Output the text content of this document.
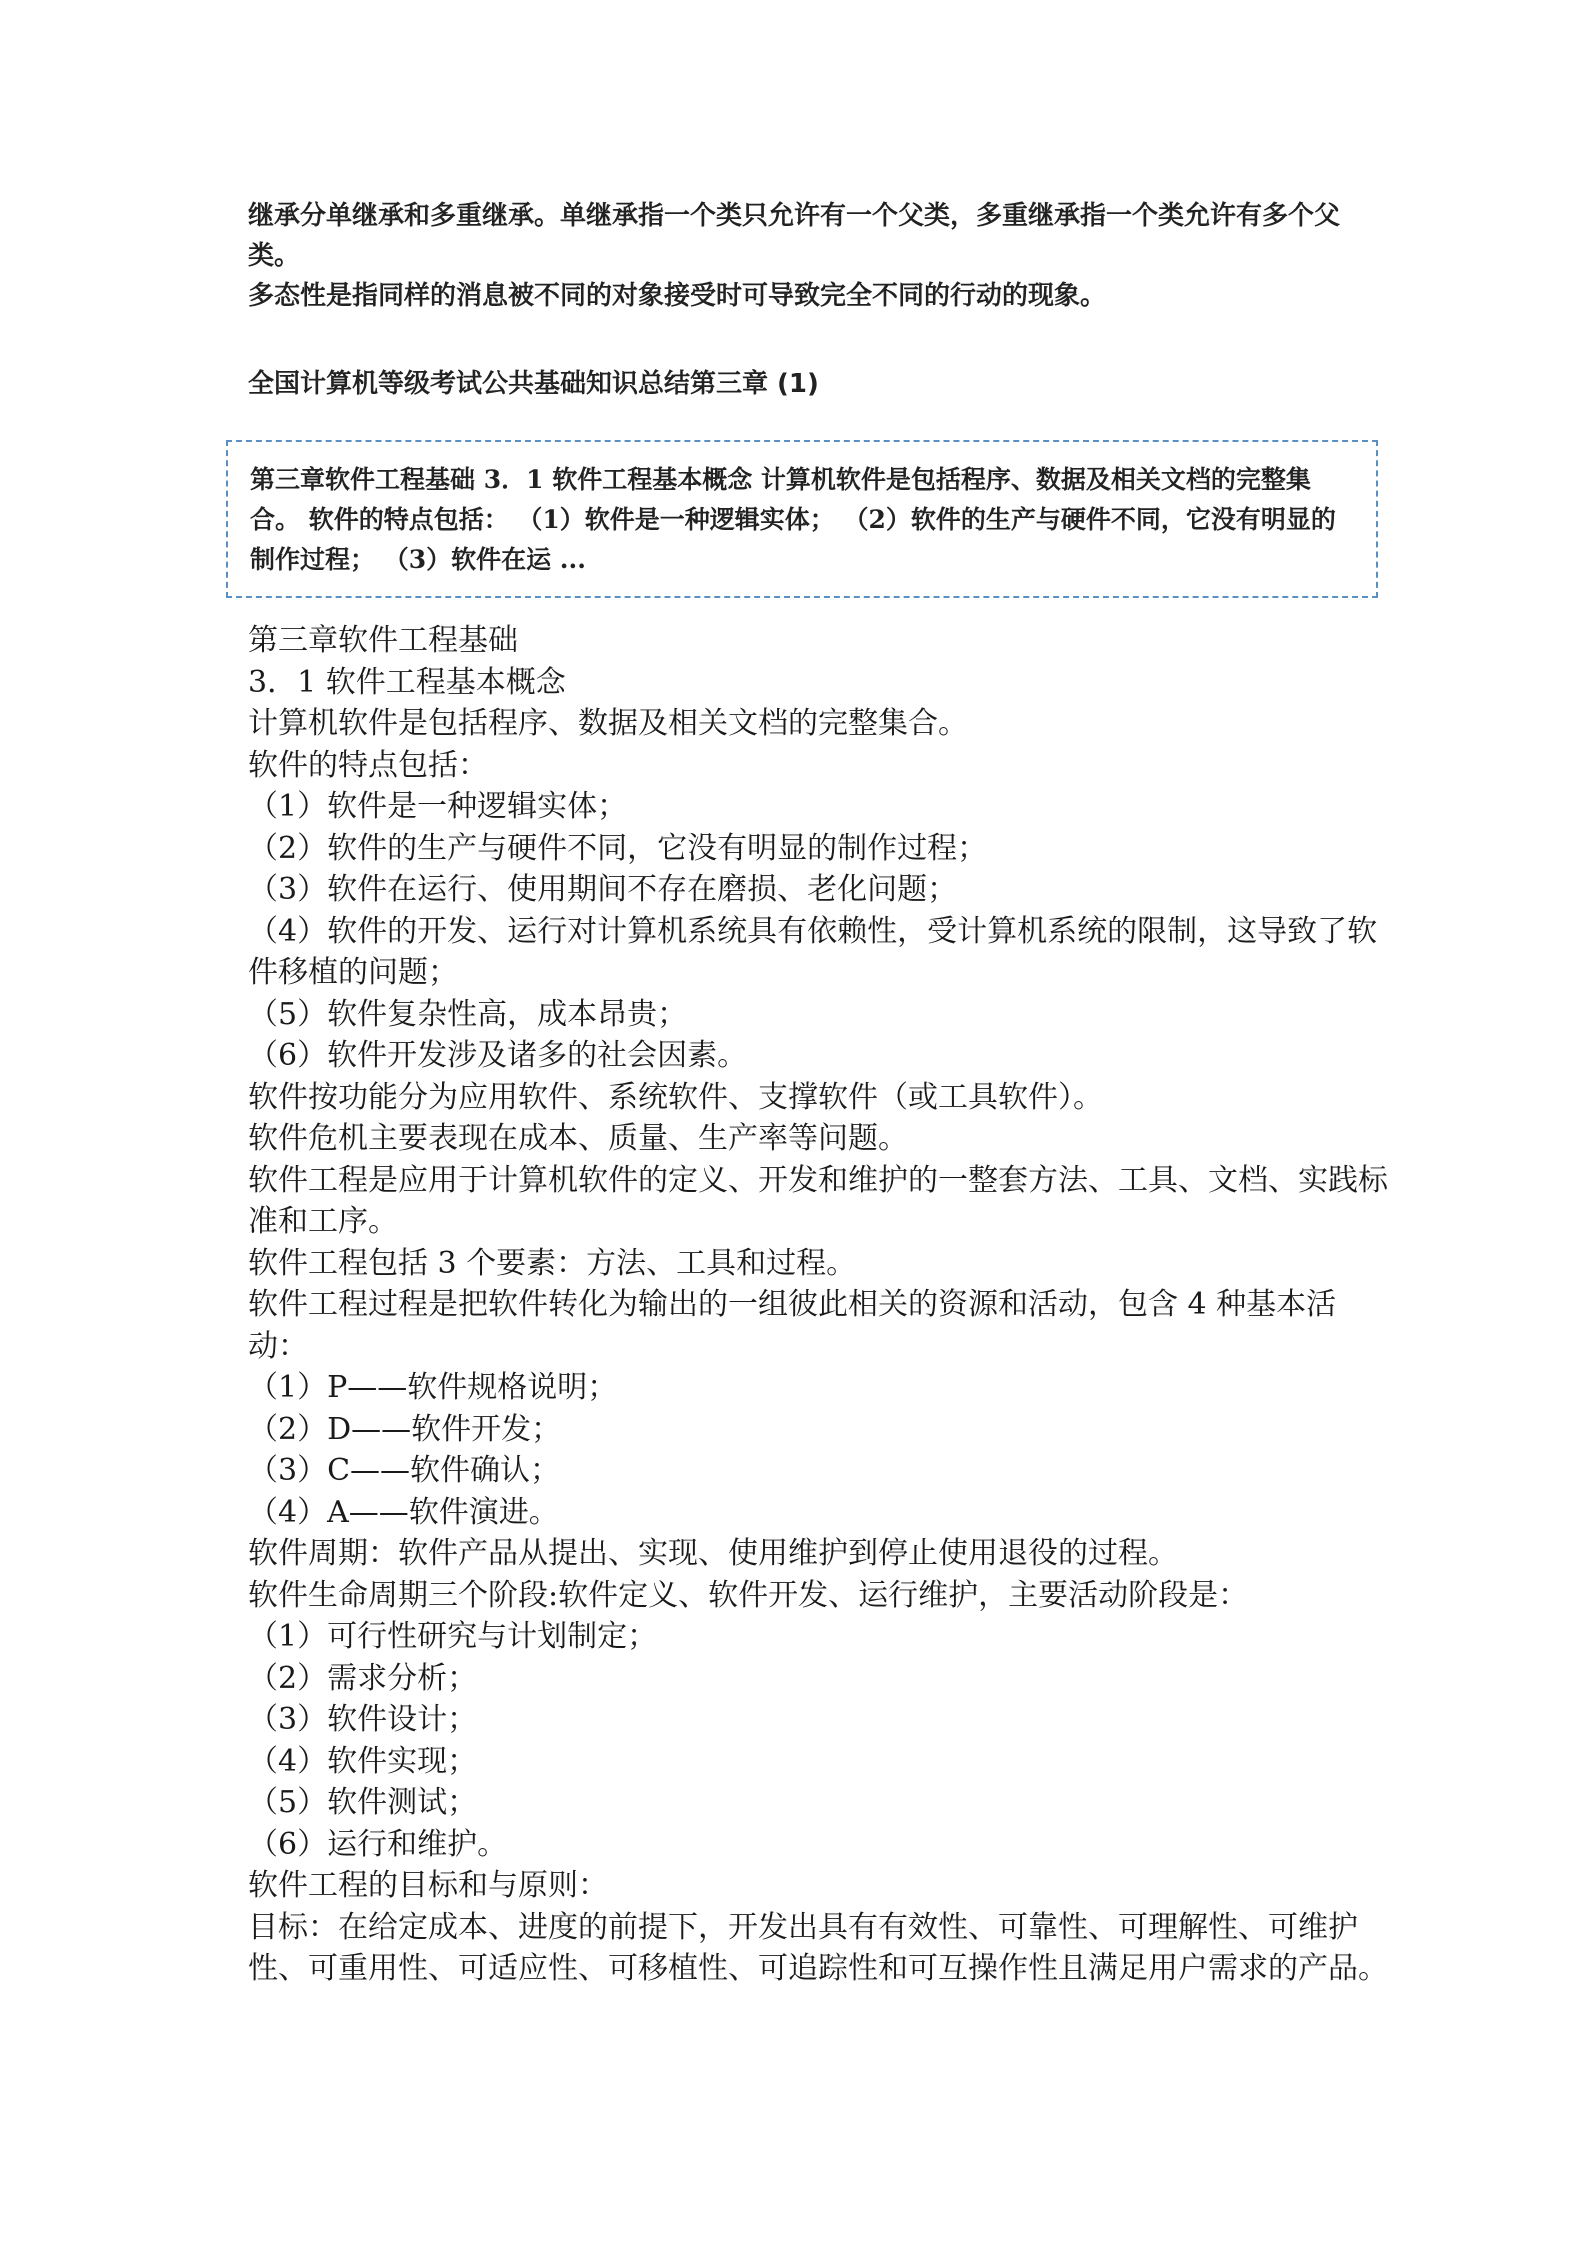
继承分单继承和多重继承。单继承指一个类只允许有一个父类，多重继承指一个类允许有多个父类。

多态性是指同样的消息被不同的对象接受时可导致完全不同的行动的现象。

全国计算机等级考试公共基础知识总结第三章 (1)

第三章软件工程基础 3．1 软件工程基本概念 计算机软件是包括程序、数据及相关文档的完整集合。 软件的特点包括： （1）软件是一种逻辑实体； （2）软件的生产与硬件不同，它没有明显的制作过程； （3）软件在运 ...

第三章软件工程基础

3．1 软件工程基本概念

计算机软件是包括程序、数据及相关文档的完整集合。

软件的特点包括：

（1）软件是一种逻辑实体；

（2）软件的生产与硬件不同，它没有明显的制作过程；

（3）软件在运行、使用期间不存在磨损、老化问题；

（4）软件的开发、运行对计算机系统具有依赖性，受计算机系统的限制，这导致了软件移植的问题；

（5）软件复杂性高，成本昂贵；

（6）软件开发涉及诸多的社会因素。

软件按功能分为应用软件、系统软件、支撑软件（或工具软件）。

软件危机主要表现在成本、质量、生产率等问题。

软件工程是应用于计算机软件的定义、开发和维护的一整套方法、工具、文档、实践标准和工序。

软件工程包括 3 个要素：方法、工具和过程。

软件工程过程是把软件转化为输出的一组彼此相关的资源和活动，包含 4 种基本活动：

（1）P——软件规格说明；

（2）D——软件开发；

（3）C——软件确认；

（4）A——软件演进。

软件周期：软件产品从提出、实现、使用维护到停止使用退役的过程。

软件生命周期三个阶段:软件定义、软件开发、运行维护，主要活动阶段是：

（1）可行性研究与计划制定；

（2）需求分析；

（3）软件设计；

（4）软件实现；

（5）软件测试；

（6）运行和维护。

软件工程的目标和与原则：

目标：在给定成本、进度的前提下，开发出具有有效性、可靠性、可理解性、可维护性、可重用性、可适应性、可移植性、可追踪性和可互操作性且满足用户需求的产品。
